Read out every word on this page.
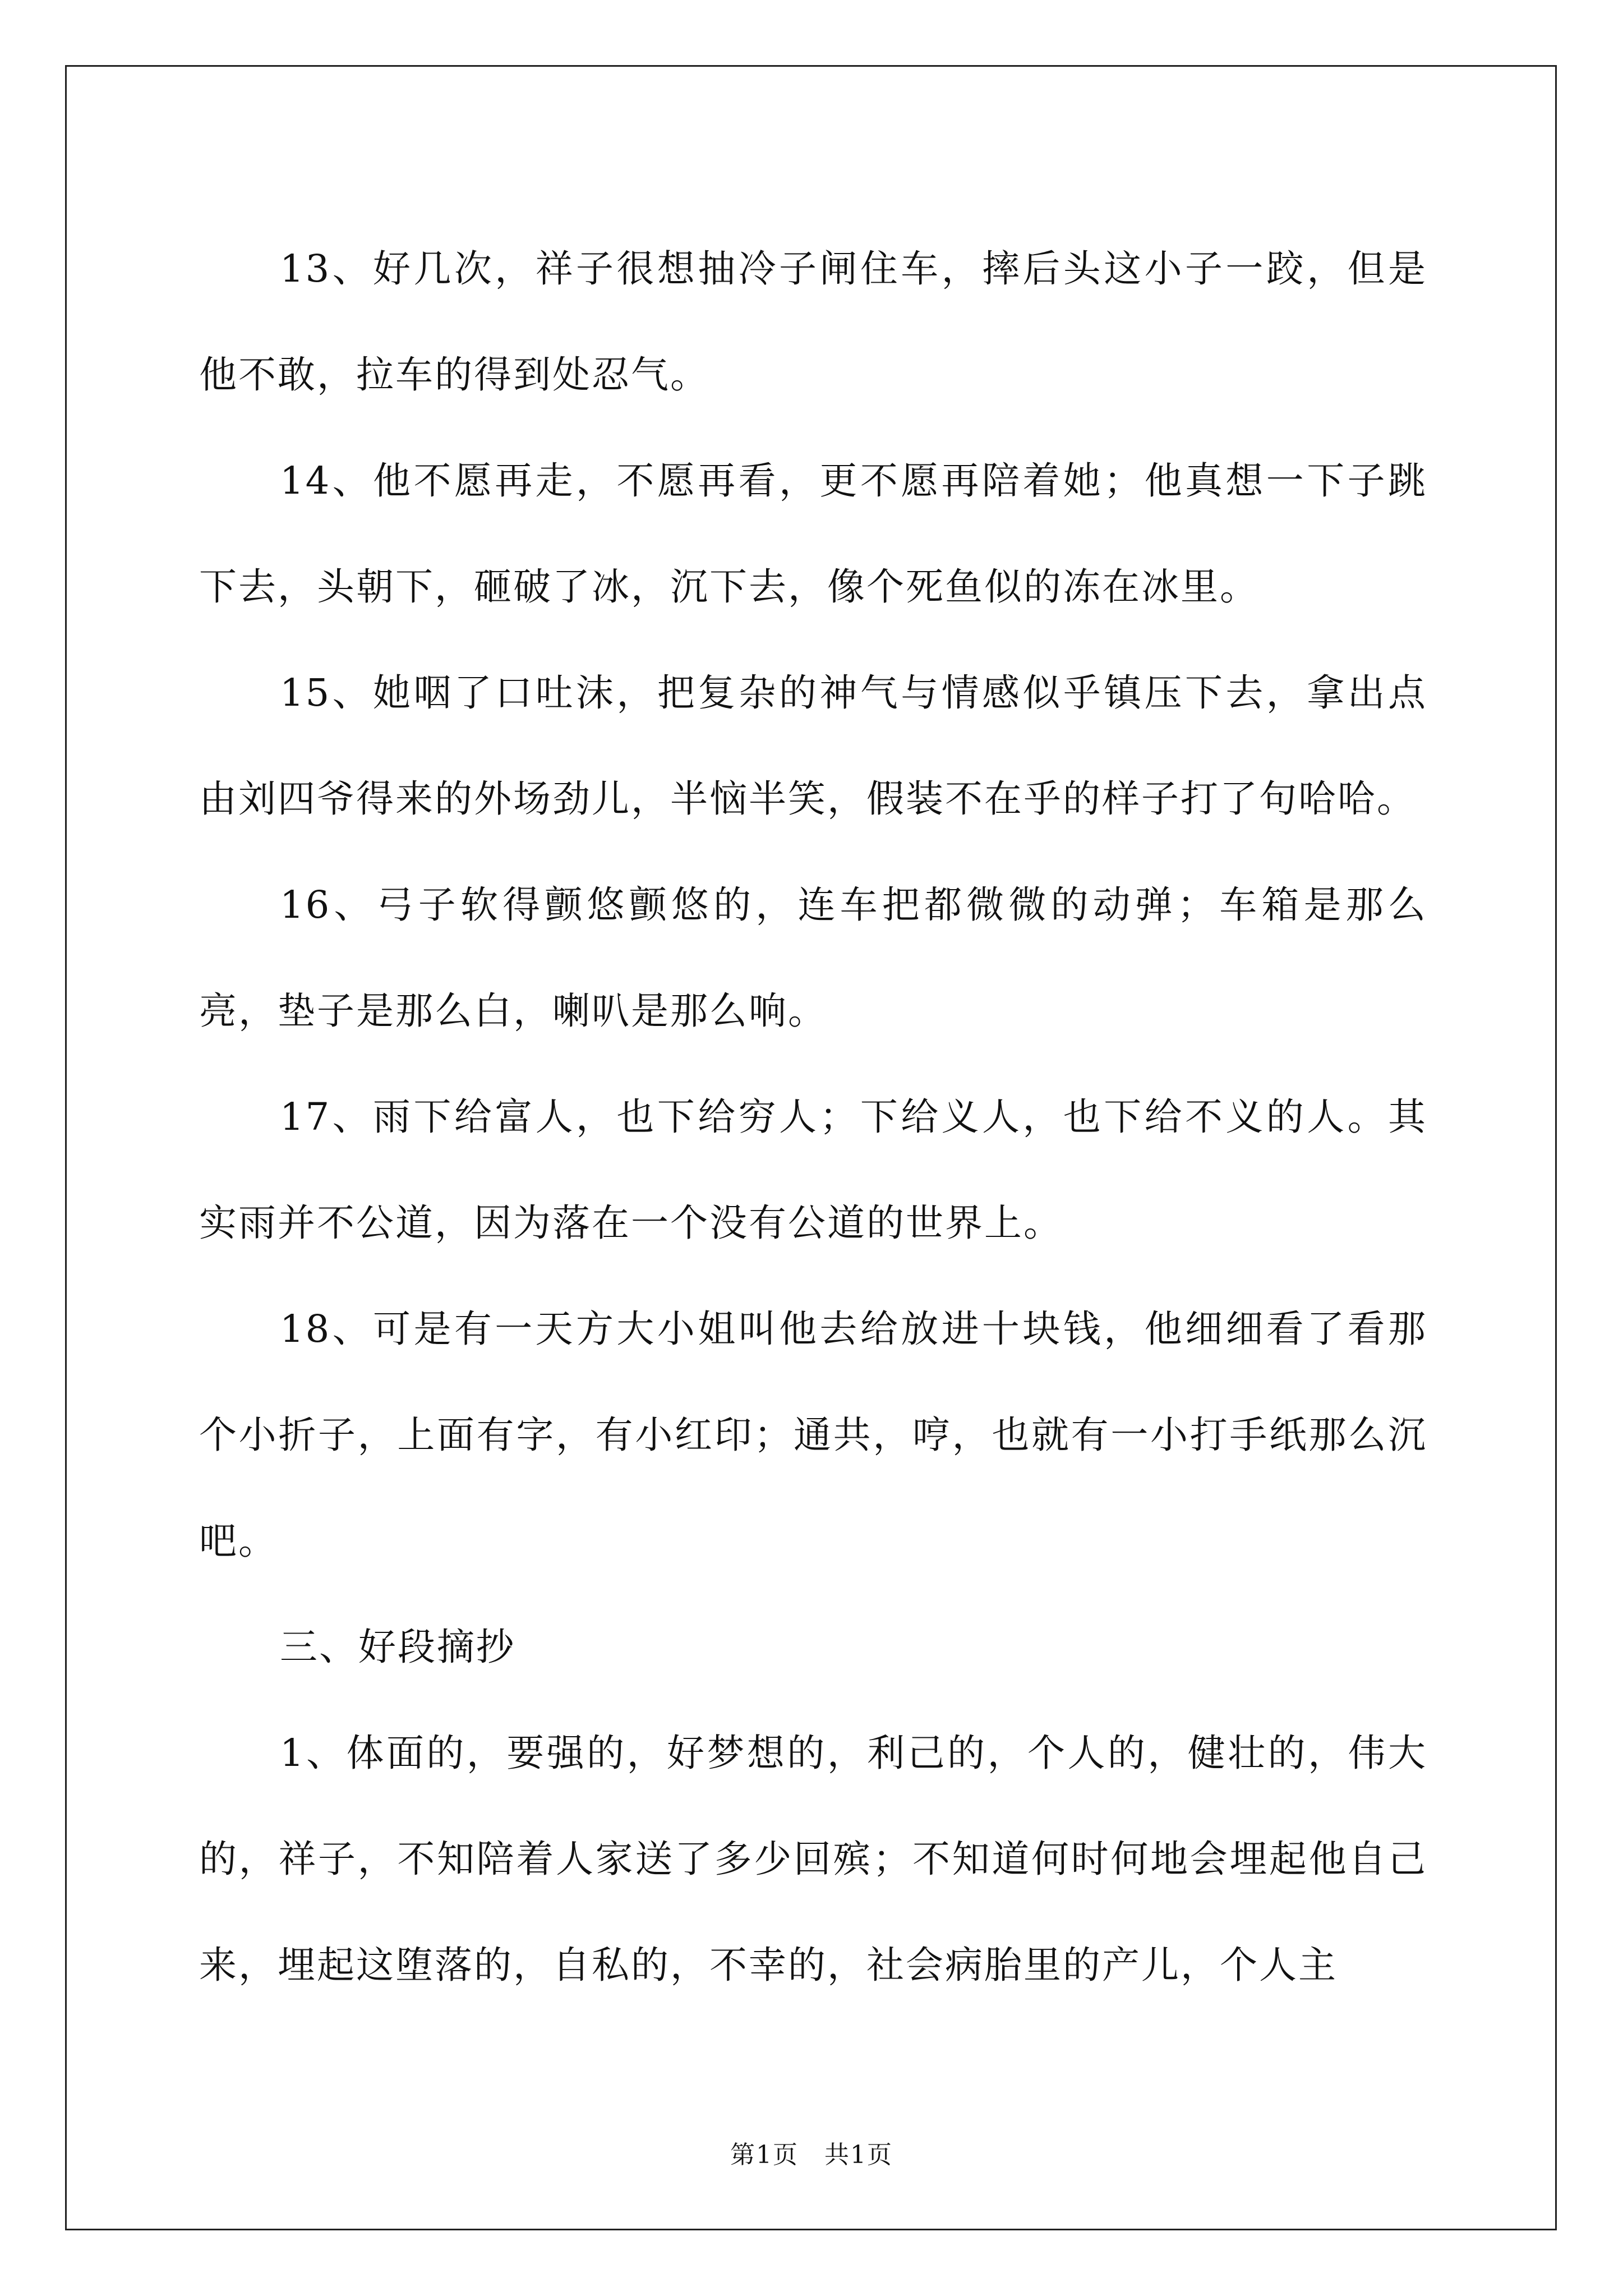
13、好几次，祥子很想抽冷子闸住车，摔后头这小子一跤，但是他不敢，拉车的得到处忍气。

14、他不愿再走，不愿再看，更不愿再陪着她；他真想一下子跳下去，头朝下，砸破了冰，沉下去，像个死鱼似的冻在冰里。

15、她咽了口吐沫，把复杂的神气与情感似乎镇压下去，拿出点由刘四爷得来的外场劲儿，半恼半笑，假装不在乎的样子打了句哈哈。

16、弓子软得颤悠颤悠的，连车把都微微的动弹；车箱是那么亮，垫子是那么白，喇叭是那么响。

17、雨下给富人，也下给穷人；下给义人，也下给不义的人。其实雨并不公道，因为落在一个没有公道的世界上。

18、可是有一天方大小姐叫他去给放进十块钱，他细细看了看那个小折子，上面有字，有小红印；通共，哼，也就有一小打手纸那么沉吧。

三、好段摘抄

1、体面的，要强的，好梦想的，利己的，个人的，健壮的，伟大的，祥子，不知陪着人家送了多少回殡；不知道何时何地会埋起他自己来，埋起这堕落的，自私的，不幸的，社会病胎里的产儿，个人主

第1页　共1页
